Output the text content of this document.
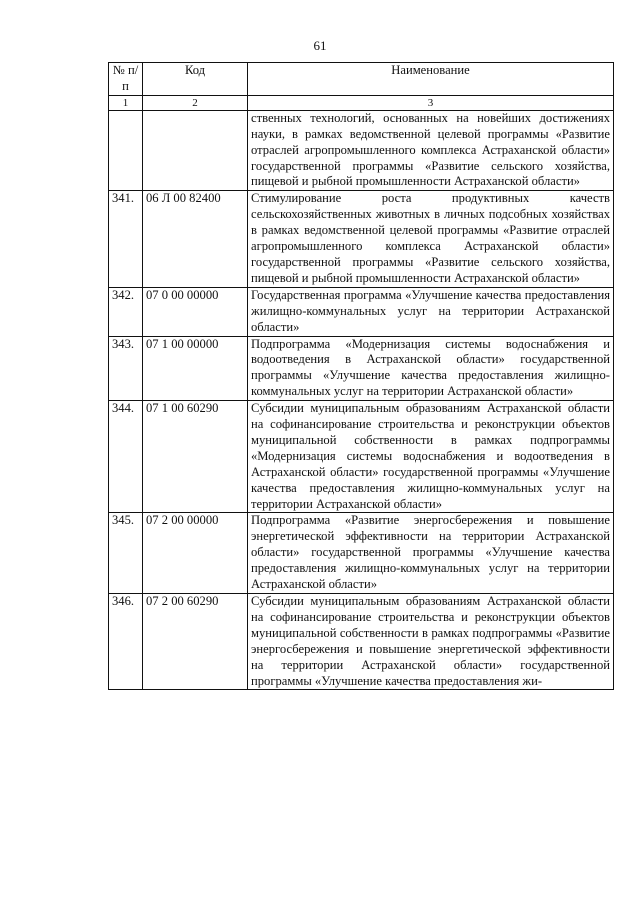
61
№ п/п	Код	Наименование
1	2	3
		ственных технологий, основанных на новейших достижениях науки, в рамках ведомственной целевой программы «Развитие отраслей агропромышленного комплекса Астраханской области» государственной программы «Развитие сельского хозяйства, пищевой и рыбной промышленности Астраханской области»
341.	06 Л 00 82400	Стимулирование роста продуктивных качеств сельскохозяйственных животных в личных подсобных хозяйствах в рамках ведомственной целевой программы «Развитие отраслей агропромышленного комплекса Астраханской области» государственной программы «Развитие сельского хозяйства, пищевой и рыбной промышленности Астраханской области»
342.	07 0 00 00000	Государственная программа «Улучшение качества предоставления жилищно-коммунальных услуг на территории Астраханской области»
343.	07 1 00 00000	Подпрограмма «Модернизация системы водоснабжения и водоотведения в Астраханской области» государственной программы «Улучшение качества предоставления жилищно-коммунальных услуг на территории Астраханской области»
344.	07 1 00 60290	Субсидии муниципальным образованиям Астраханской области на софинансирование строительства и реконструкции объектов муниципальной собственности в рамках подпрограммы «Модернизация системы водоснабжения и водоотведения в Астраханской области» государственной программы «Улучшение качества предоставления жилищно-коммунальных услуг на территории Астраханской области»
345.	07 2 00 00000	Подпрограмма «Развитие энергосбережения и повышение энергетической эффективности на территории Астраханской области» государственной программы «Улучшение качества предоставления жилищно-коммунальных услуг на территории Астраханской области»
346.	07 2 00 60290	Субсидии муниципальным образованиям Астраханской области на софинансирование строительства и реконструкции объектов муниципальной собственности в рамках подпрограммы «Развитие энергосбережения и повышение энергетической эффективности на территории Астраханской области» государственной программы «Улучшение качества предоставления жи-
